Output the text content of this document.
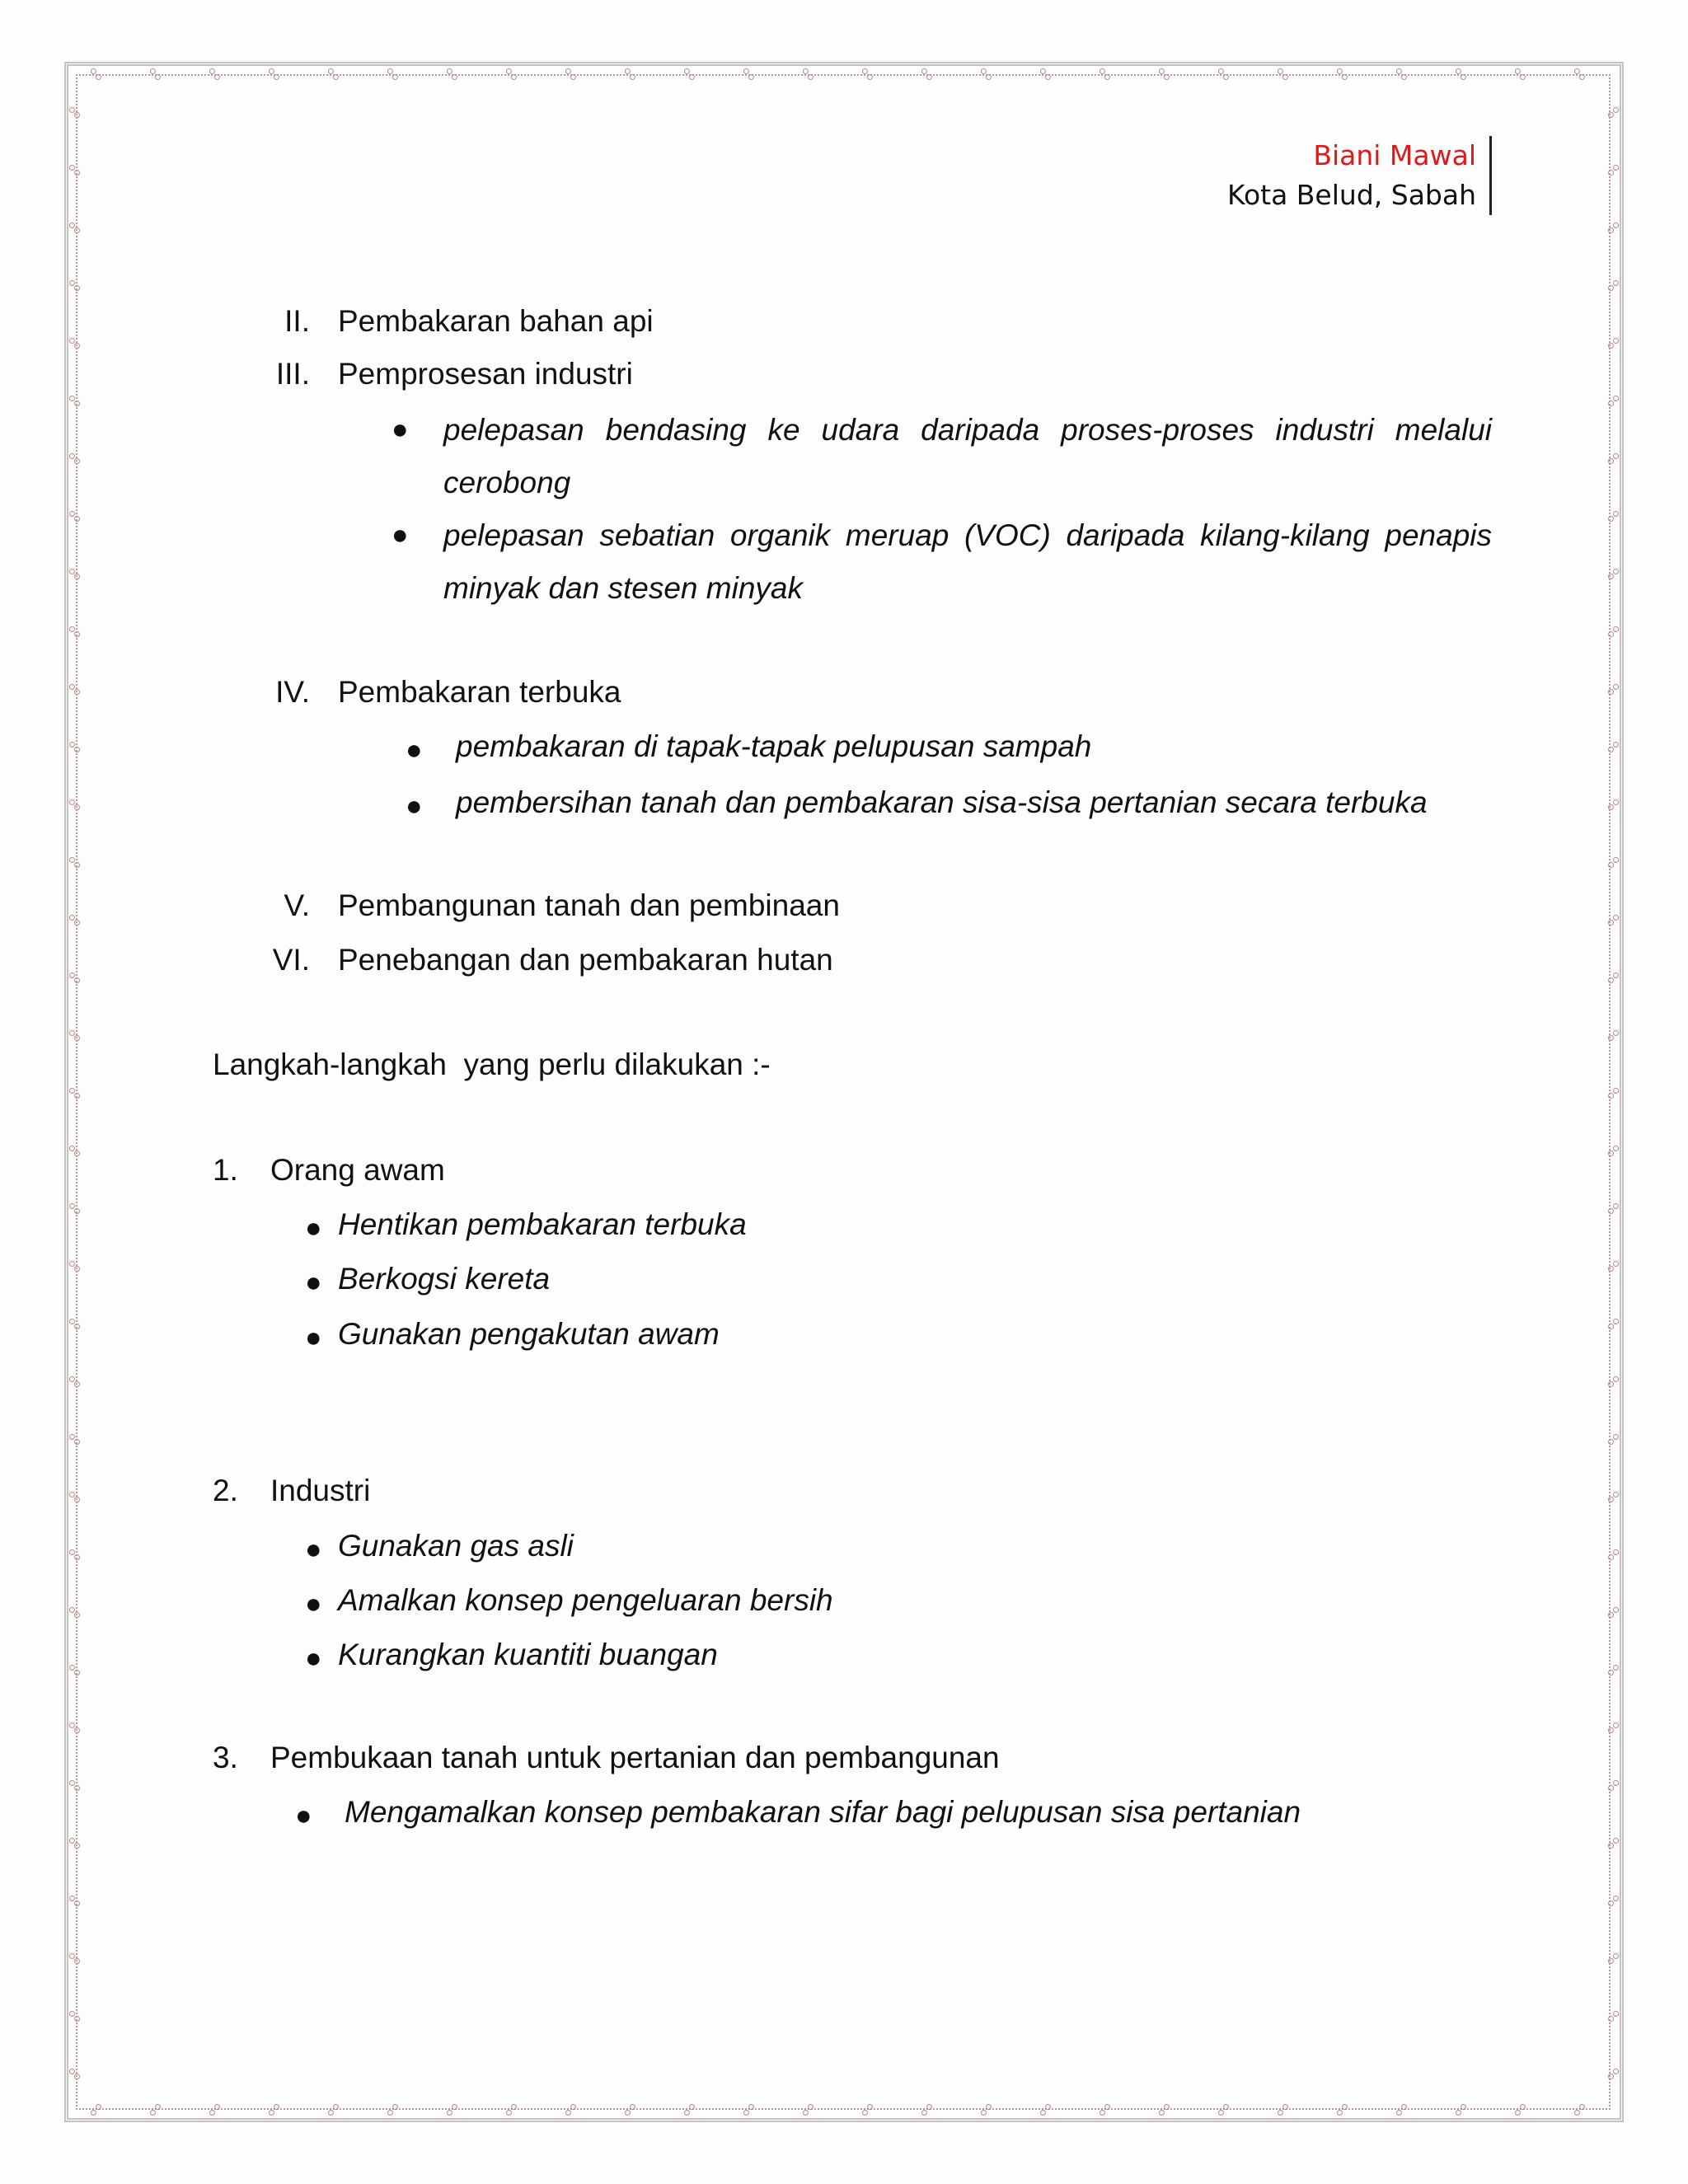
Biani Mawal
Kota Belud, Sabah
II. Pembakaran bahan api
III. Pemprosesan industri
● pelepasan bendasing ke udara daripada proses-proses industri melalui cerobong
● pelepasan sebatian organik meruap (VOC) daripada kilang-kilang penapis minyak dan stesen minyak
IV. Pembakaran terbuka
● pembakaran di tapak-tapak pelupusan sampah
● pembersihan tanah dan pembakaran sisa-sisa pertanian secara terbuka
V. Pembangunan tanah dan pembinaan
VI. Penebangan dan pembakaran hutan
Langkah-langkah  yang perlu dilakukan :-
1. Orang awam
● Hentikan pembakaran terbuka
● Berkogsi kereta
● Gunakan pengakutan awam
2. Industri
● Gunakan gas asli
● Amalkan konsep pengeluaran bersih
● Kurangkan kuantiti buangan
3. Pembukaan tanah untuk pertanian dan pembangunan
● Mengamalkan konsep pembakaran sifar bagi pelupusan sisa pertanian
